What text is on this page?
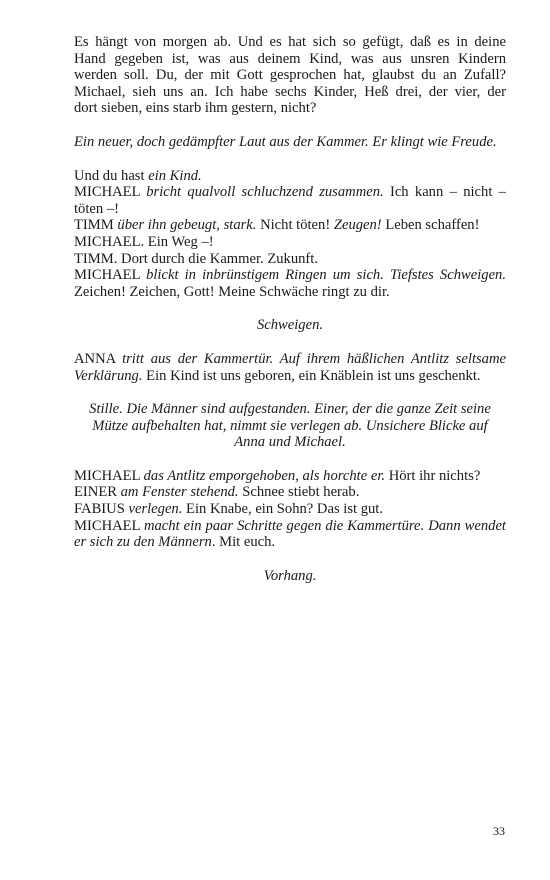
Es hängt von morgen ab. Und es hat sich so gefügt, daß es in deine
Hand gegeben ist, was aus deinem Kind, was aus unsren Kindern
werden soll. Du, der mit Gott gesprochen hat, glaubst du an Zufall?
Michael, sieh uns an. Ich habe sechs Kinder, Heß drei, der vier, der
dort sieben, eins starb ihm gestern, nicht?

Ein neuer, doch gedämpfter Laut aus der Kammer. Er klingt wie Freude.

Und du hast ein Kind.
MICHAEL bricht qualvoll schluchzend zusammen. Ich kann – nicht –
töten –!
TIMM über ihn gebeugt, stark. Nicht töten! Zeugen! Leben schaffen!
MICHAEL. Ein Weg –!
TIMM. Dort durch die Kammer. Zukunft.
MICHAEL blickt in inbrünstigem Ringen um sich. Tiefstes Schweigen.
Zeichen! Zeichen, Gott! Meine Schwäche ringt zu dir.

Schweigen.

ANNA tritt aus der Kammertür. Auf ihrem häßlichen Antlitz seltsame
Verklärung. Ein Kind ist uns geboren, ein Knäblein ist uns geschenkt.

Stille. Die Männer sind aufgestanden. Einer, der die ganze Zeit seine
Mütze aufbehalten hat, nimmt sie verlegen ab. Unsichere Blicke auf
Anna und Michael.

MICHAEL das Antlitz emporgehoben, als horchte er. Hört ihr nichts?
EINER am Fenster stehend. Schnee stiebt herab.
FABIUS verlegen. Ein Knabe, ein Sohn? Das ist gut.
MICHAEL macht ein paar Schritte gegen die Kammertüre. Dann wendet
er sich zu den Männern. Mit euch.

Vorhang.

33
